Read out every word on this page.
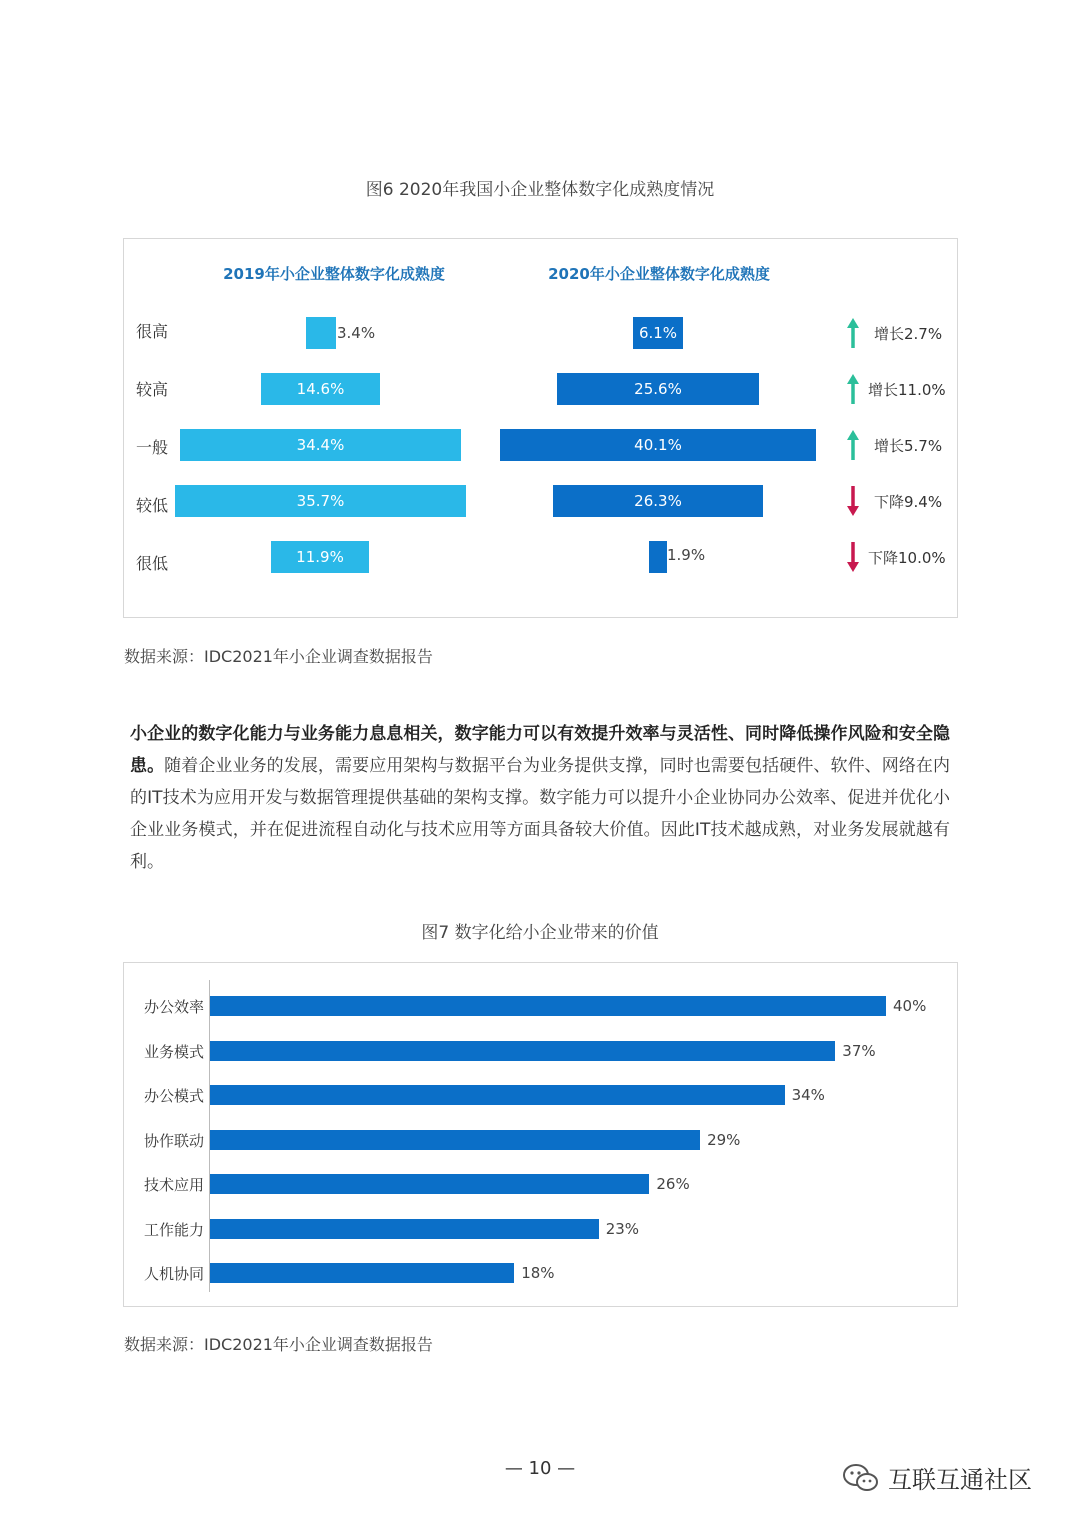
图6 2020年我国小企业整体数字化成熟度情况
2019年小企业整体数字化成熟度	2020年小企业整体数字化成熟度
很高	3.4%	6.1%	增长2.7%
较高	14.6%	25.6%	增长11.0%
一般	34.4%	40.1%	增长5.7%
较低	35.7%	26.3%	下降9.4%
很低	11.9%	1.9%	下降10.0%
数据来源：IDC2021年小企业调查数据报告
小企业的数字化能力与业务能力息息相关，数字能力可以有效提升效率与灵活性、同时降低操作风险和安全隐患。随着企业业务的发展，需要应用架构与数据平台为业务提供支撑，同时也需要包括硬件、软件、网络在内的IT技术为应用开发与数据管理提供基础的架构支撑。数字能力可以提升小企业协同办公效率、促进并优化小企业业务模式，并在促进流程自动化与技术应用等方面具备较大价值。因此IT技术越成熟，对业务发展就越有利。
图7 数字化给小企业带来的价值
办公效率	40%
业务模式	37%
办公模式	34%
协作联动	29%
技术应用	26%
工作能力	23%
人机协同	18%
数据来源：IDC2021年小企业调查数据报告
— 10 —	互联互通社区
